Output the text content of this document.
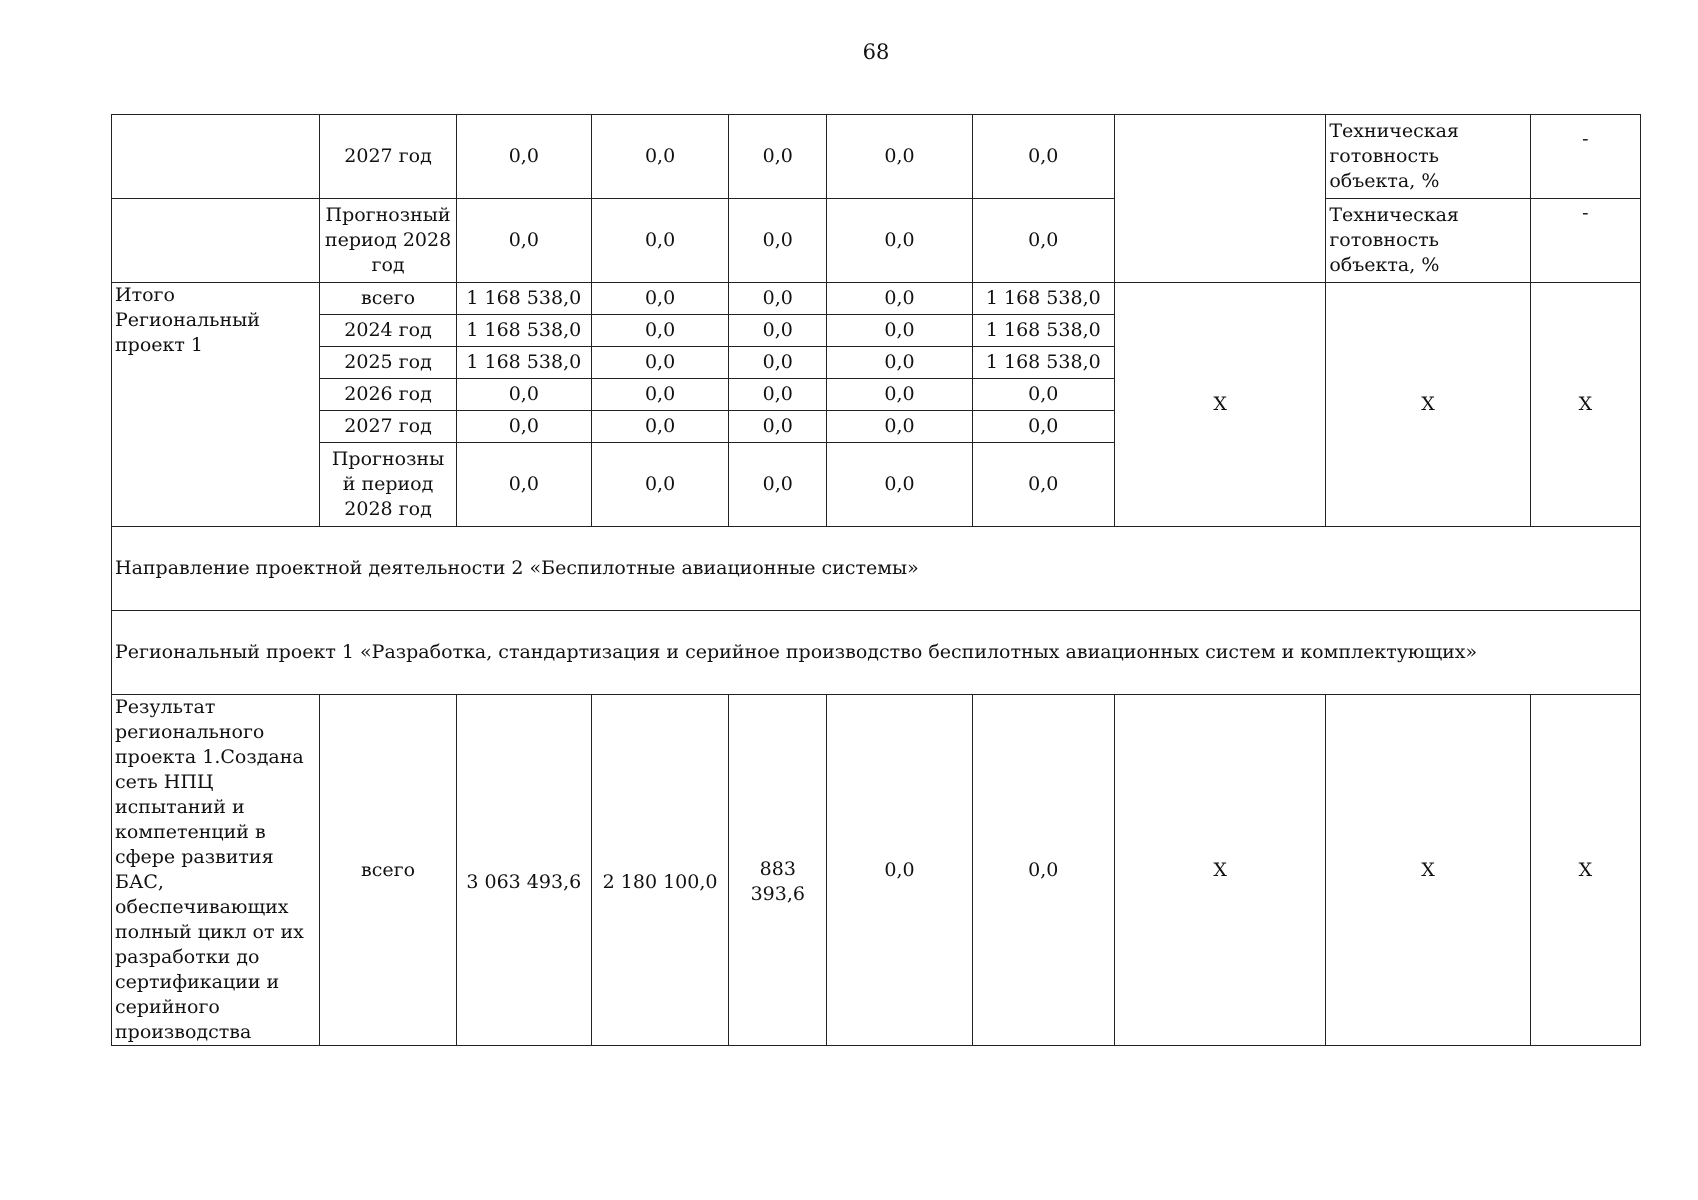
68
	2027 год	0,0	0,0	0,0	0,0	0,0		Техническая готовность объекта, %	-
	Прогнозный период 2028 год	0,0	0,0	0,0	0,0	0,0		Техническая готовность объекта, %	-
Итого Региональный проект 1	всего	1 168 538,0	0,0	0,0	0,0	1 168 538,0	X	X	X
	2024 год	1 168 538,0	0,0	0,0	0,0	1 168 538,0			
	2025 год	1 168 538,0	0,0	0,0	0,0	1 168 538,0			
	2026 год	0,0	0,0	0,0	0,0	0,0			
	2027 год	0,0	0,0	0,0	0,0	0,0			
	Прогнозный период 2028 год	0,0	0,0	0,0	0,0	0,0			
Направление проектной деятельности 2 «Беспилотные авиационные системы»									
Региональный проект 1 «Разработка, стандартизация и серийное производство беспилотных авиационных систем и комплектующих»									
Результат регионального проекта 1.Создана сеть НПЦ испытаний и компетенций в сфере развития БАС, обеспечивающих полный цикл от их разработки до сертификации и серийного производства	всего	3 063 493,6	2 180 100,0	883 393,6	0,0	0,0	X	X	X
